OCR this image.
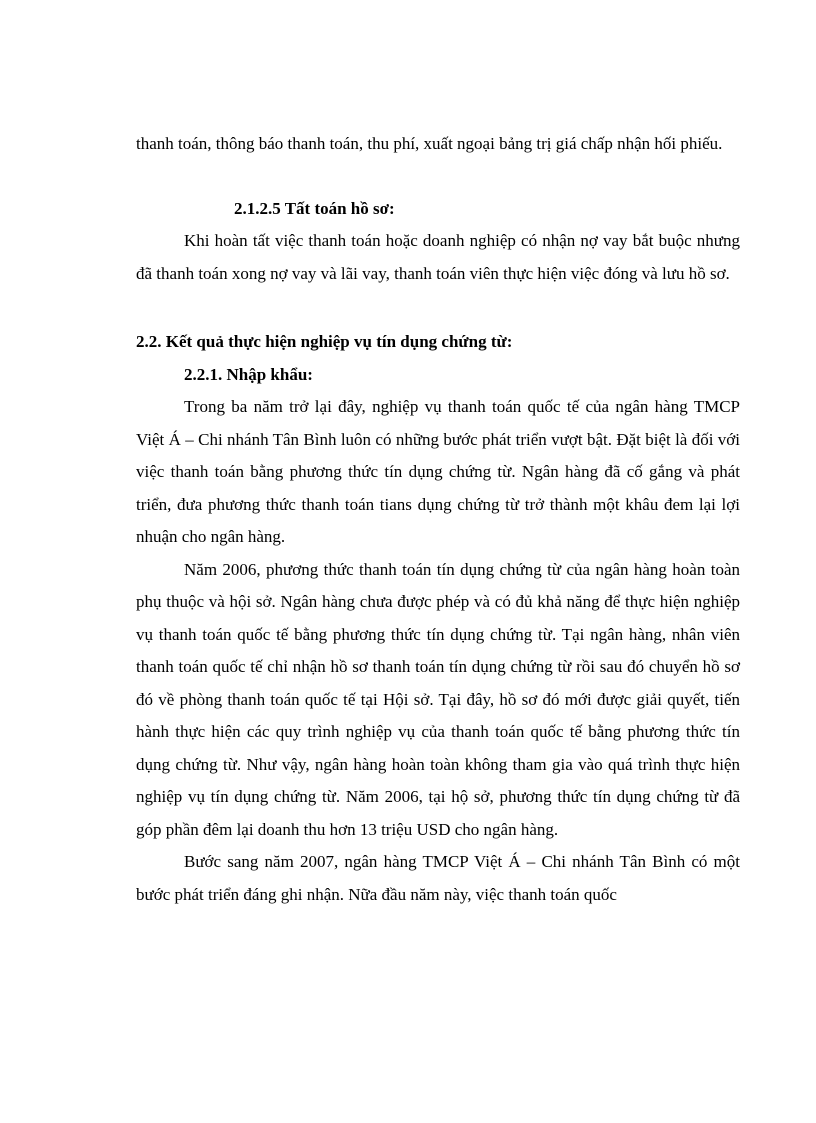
thanh toán, thông báo thanh toán, thu phí, xuất ngoại bảng trị giá chấp nhận hối phiếu.

2.1.2.5 Tất toán hồ sơ:

Khi hoàn tất việc thanh toán hoặc doanh nghiệp có nhận nợ vay bắt buộc nhưng đã thanh toán xong nợ vay và lãi vay, thanh toán viên thực hiện việc đóng và lưu hồ sơ.

2.2. Kết quả thực hiện nghiệp vụ tín dụng chứng từ:
2.2.1. Nhập khẩu:

Trong ba năm trở lại đây, nghiệp vụ thanh toán quốc tế của ngân hàng TMCP Việt Á – Chi nhánh Tân Bình luôn có những bước phát triển vượt bật. Đặt biệt là đối với việc thanh toán bằng phương thức tín dụng chứng từ. Ngân hàng đã cố gắng và phát triển, đưa phương thức thanh toán tians dụng chứng từ trở thành một khâu đem lại lợi nhuận cho ngân hàng.

Năm 2006, phương thức thanh toán tín dụng chứng từ của ngân hàng hoàn toàn phụ thuộc và hội sở. Ngân hàng chưa được phép và có đủ khả năng để thực hiện nghiệp vụ thanh toán quốc tế bằng phương thức tín dụng chứng từ. Tại ngân hàng, nhân viên thanh toán quốc tế chỉ nhận hồ sơ thanh toán tín dụng chứng từ rồi sau đó chuyển hồ sơ đó về phòng thanh toán quốc tế tại Hội sở. Tại đây, hồ sơ đó mới được giải quyết, tiến hành thực hiện các quy trình nghiệp vụ của thanh toán quốc tế bằng phương thức tín dụng chứng từ. Như vậy, ngân hàng hoàn toàn không tham gia vào quá trình thực hiện nghiệp vụ tín dụng chứng từ. Năm 2006, tại hộ sở, phương thức tín dụng chứng từ đã góp phần đêm lại doanh thu hơn 13 triệu USD cho ngân hàng.

Bước sang năm 2007, ngân hàng TMCP Việt Á – Chi nhánh Tân Bình có một bước phát triển đáng ghi nhận. Nữa đầu năm này, việc thanh toán quốc
